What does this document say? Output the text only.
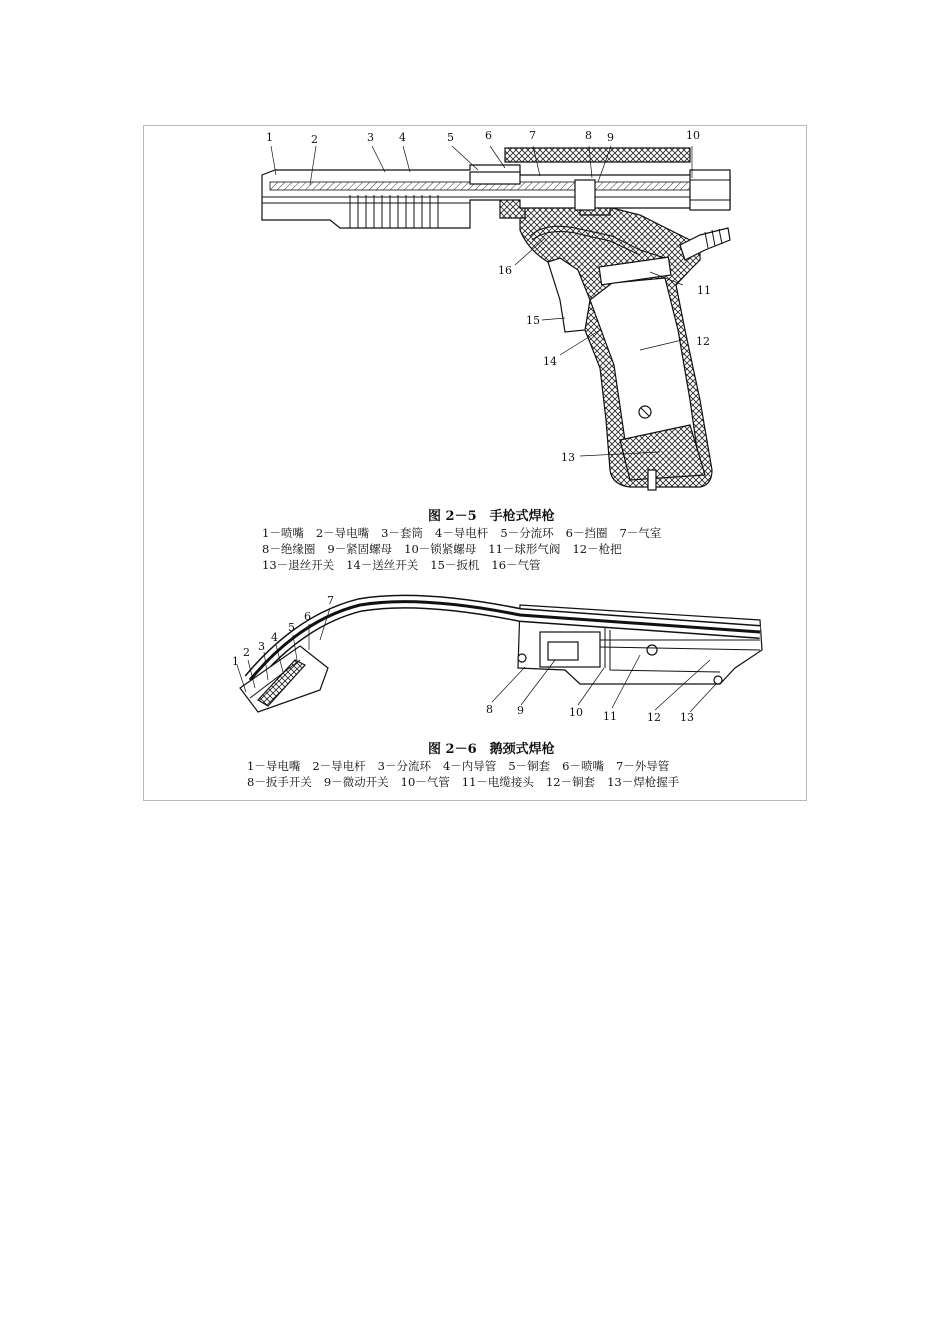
1	2	3 4	5	6	7	8 9	10
11
12
13
14
15
16
1
2 3
4
5
6
7
8 9	10 11	12 13
图 2－5　手枪式焊枪
1－喷嘴 2－导电嘴 3－套筒 4－导电杆 5－分流环 6－挡圈 7－气室
8－绝缘圈 9－紧固螺母 10－锁紧螺母 11－球形气阀 12－枪把
13－退丝开关 14－送丝开关 15－扳机 16－气管
图 2－6　鹅颈式焊枪
1－导电嘴 2－导电杆 3－分流环 4－内导管 5－铜套 6－喷嘴 7－外导管
8－扳手开关 9－微动开关 10－气管 11－电缆接头 12－铜套 13－焊枪握手
